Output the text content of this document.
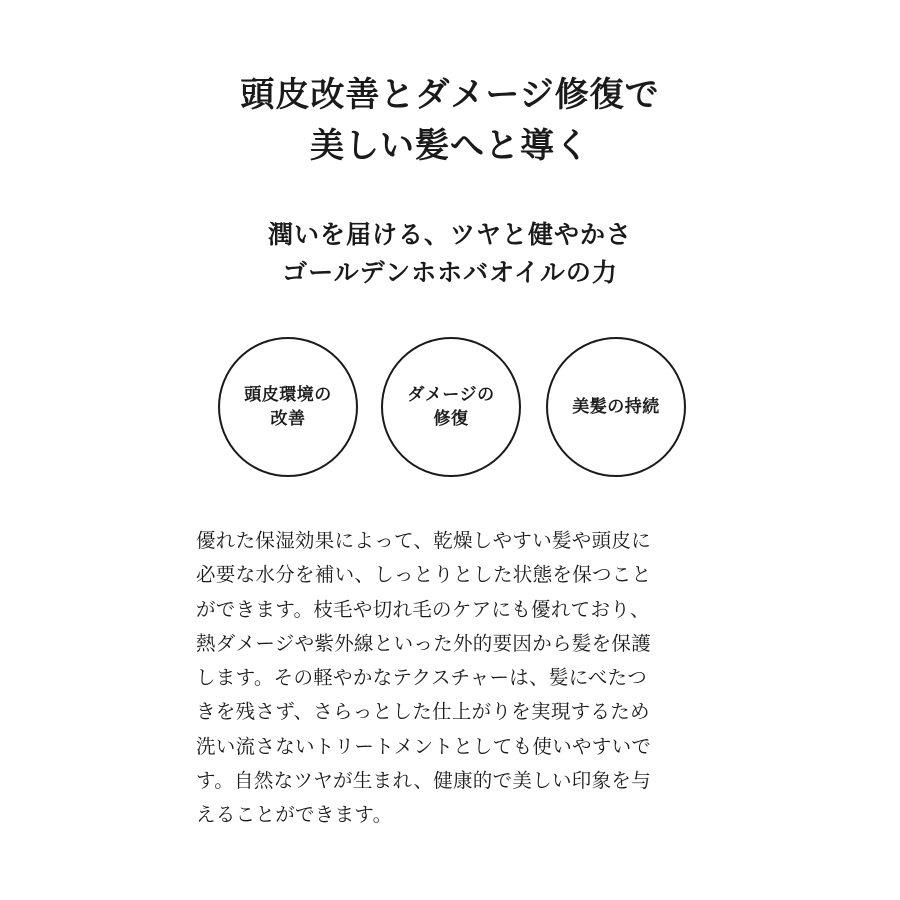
頭皮改善とダメージ修復で
美しい髪へと導く
潤いを届ける、ツヤと健やかさ
ゴールデンホホバオイルの力
頭皮環境の
改善
ダメージの
修復
美髪の持続
優れた保湿効果によって、乾燥しやすい髪や頭皮に
必要な水分を補い、しっとりとした状態を保つこと
ができます。枝毛や切れ毛のケアにも優れており、
熱ダメージや紫外線といった外的要因から髪を保護
します。その軽やかなテクスチャーは、髪にべたつ
きを残さず、さらっとした仕上がりを実現するため
洗い流さないトリートメントとしても使いやすいで
す。自然なツヤが生まれ、健康的で美しい印象を与
えることができます。
